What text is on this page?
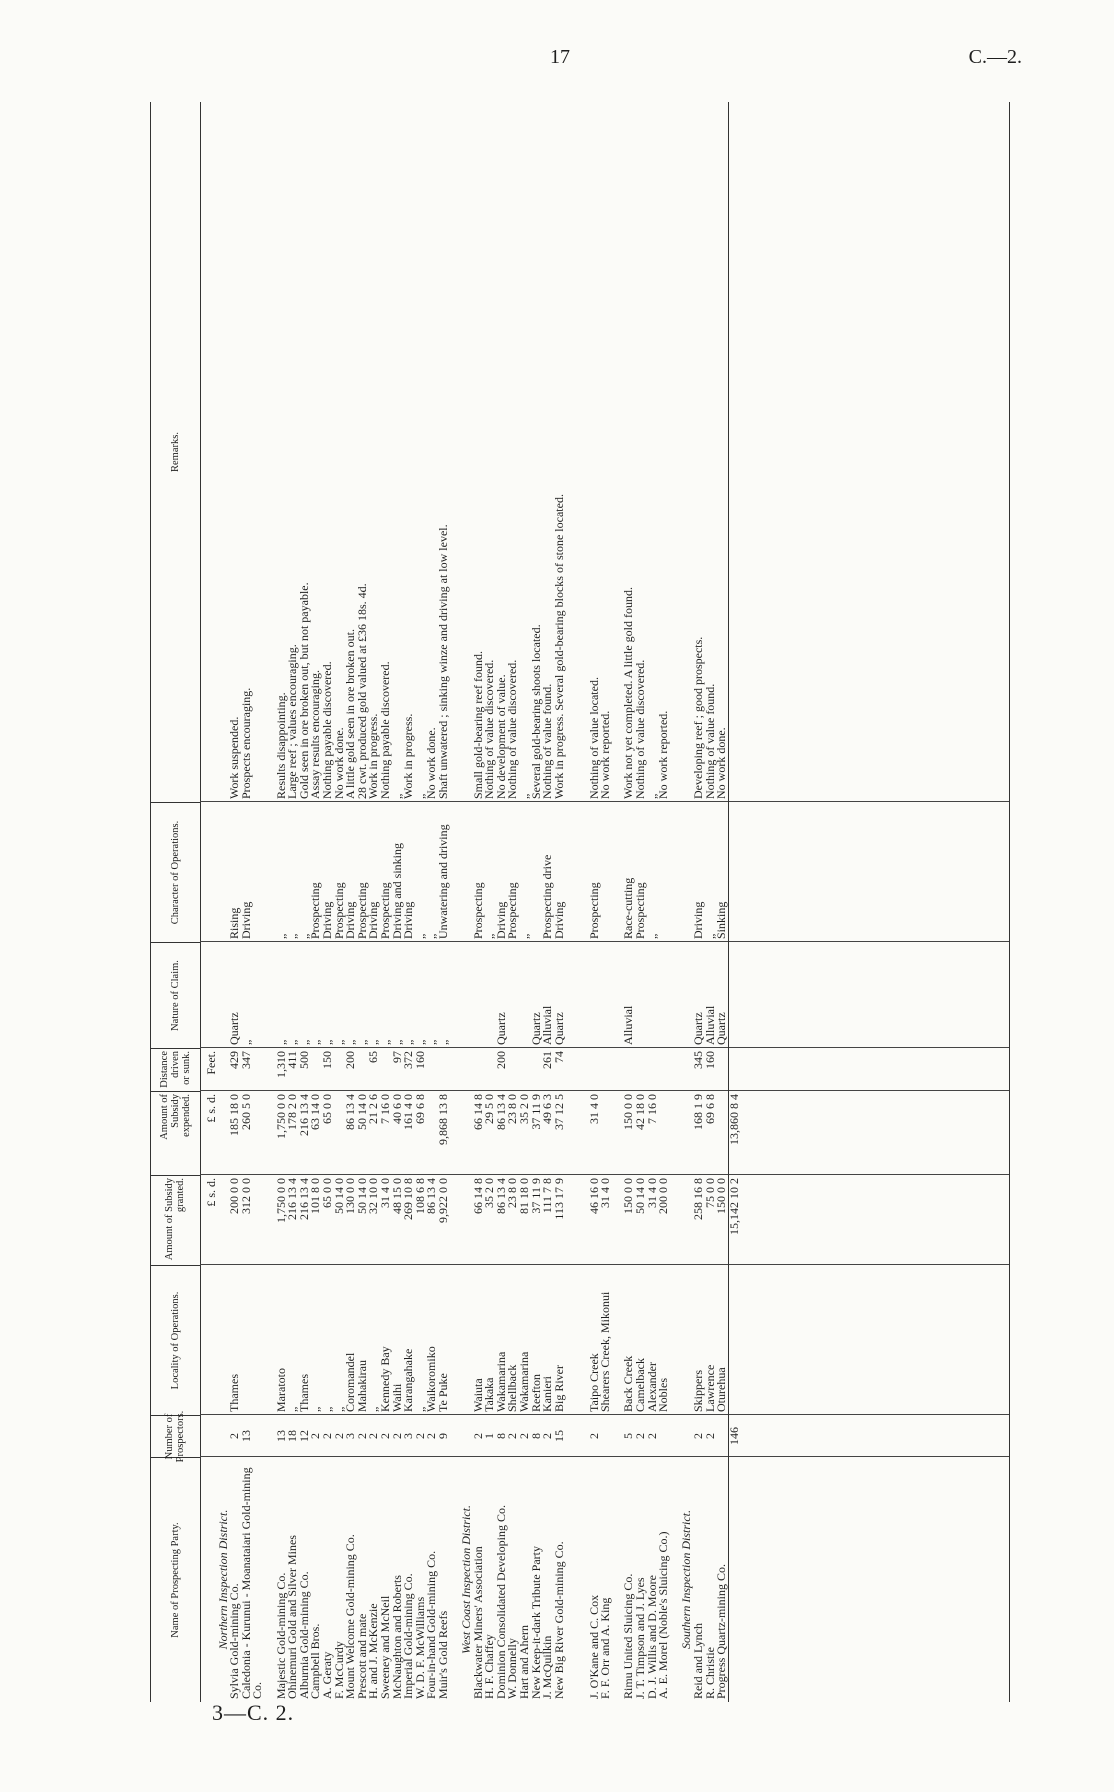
17	C.—2.
3—C. 2.
Name of Prospecting Party.
Number of Prospectors.
Locality of Operations.
Amount of Subsidy granted.
Amount of Subsidy expended.
Distance driven or sunk.
Nature of Claim.
Character of Operations.
Remarks.
£ s. d.
£ s. d.
Feet.
Northern Inspection District.
Sylvia Gold-mining Co.
2
Thames
200 0 0
185 18 0
429
Quartz
Rising
Work suspended.
Caledonia - Kurunui - Moanataiari Gold-mining Co.
13
312 0 0
260 5 0
347
„
Driving
Prospects encouraging.
Majestic Gold-mining Co.
13
Maratoto
1,750 0 0
1,750 0 0
1,310
„
„
Results disappointing.
Ohinemuri Gold and Silver Mines
18
„
216 13 4
178 2 0
411
„
„
Large reef ; values encouraging.
Alburnia Gold-mining Co.
12
Thames
216 13 4
216 13 4
500
„
„
Gold seen in ore broken out, but not payable.
Campbell Bros.
2
„
101 8 0
63 14 0
„
Prospecting
Assay results encouraging.
A. Geraty
2
„
65 0 0
65 0 0
150
„
Driving
Nothing payable discovered.
F. McCurdy
2
„
50 14 0
„
Prospecting
No work done.
Mount Welcome Gold-mining Co.
3
Coromandel
130 0 0
86 13 4
200
„
Driving
A little gold seen in ore broken out.
Prescott and mate
2
Mahakirau
50 14 0
50 14 0
„
Prospecting
28 cwt. produced gold valued at £36 18s. 4d.
H. and J. McKenzie
2
„
32 10 0
21 2 6
65
„
Driving
Work in progress.
Sweeney and McNeil
2
Kennedy Bay
31 4 0
7 16 0
„
Prospecting
Nothing payable discovered.
McNaughton and Roberts
2
Waihi
48 15 0
40 6 0
97
„
Driving and sinking
„
Imperial Gold-mining Co.
3
Karangahake
269 10 8
161 4 0
372
„
Driving
Work in progress.
W. D. F. McWilliams
2
„
108 6 8
69 6 8
160
„
„
„
Four-in-hand Gold-mining Co.
2
Waikoromiko
86 13 4
„
„
No work done.
Muir's Gold Reefs
9
Te Puke
9,922 0 0
9,868 13 8
„
Unwatering and driving
Shaft unwatered ; sinking winze and driving at low level.
West Coast Inspection District.
Blackwater Miners' Association
2
Waiuta
66 14 8
66 14 8
Prospecting
Small gold-bearing reef found.
H. F. Chaffey
1
Takaka
35 2 0
29 5 0
„
Nothing of value discovered.
Dominion Consolidated Developing Co.
8
Wakamarina
86 13 4
86 13 4
200
Quartz
Driving
No development of value.
W. Donnelly
2
Shellback
23 8 0
23 8 0
Prospecting
Nothing of value discovered.
Hart and Ahern
2
Wakamarina
81 18 0
35 2 0
„
„
New Keep-it-dark Tribute Party
8
Reefton
37 11 9
37 11 9
Quartz
Several gold-bearing shoots located.
J. McQuilkin
2
Kanieri
111 7 8
49 6 3
261
Alluvial
Prospecting drive
Nothing of value found.
New Big River Gold-mining Co.
15
Big River
113 17 9
37 12 5
74
Quartz
Driving
Work in progress. Several gold-bearing blocks of stone located.
J. O'Kane and C. Cox
2
Taipo Creek
46 16 0
31 4 0
Prospecting
Nothing of value located.
F. F. Orr and A. King
Shearers Creek, Mikonui
31 4 0
No work reported.
Rimu United Sluicing Co.
5
Back Creek
150 0 0
150 0 0
Alluvial
Race-cutting
Work not yet completed. A little gold found.
J. T. Timpson and J. Lyes
2
Camelback
50 14 0
42 18 0
Prospecting
Nothing of value discovered.
D. J. Willis and D. Moore
2
Alexander
31 4 0
7 16 0
„
„
A. E. Morel (Noble's Sluicing Co.)
Nobles
200 0 0
No work reported.
Southern Inspection District.
Reid and Lynch
2
Skippers
258 16 8
168 1 9
345
Quartz
Driving
Developing reef ; good prospects.
R. Christie
2
Lawrence
75 0 0
69 6 8
160
Alluvial
„
Nothing of value found.
Progress Quartz-mining Co.
Oturehua
150 0 0
Quartz
Sinking
No work done.
146
15,142 10 2
13,860 8 4
